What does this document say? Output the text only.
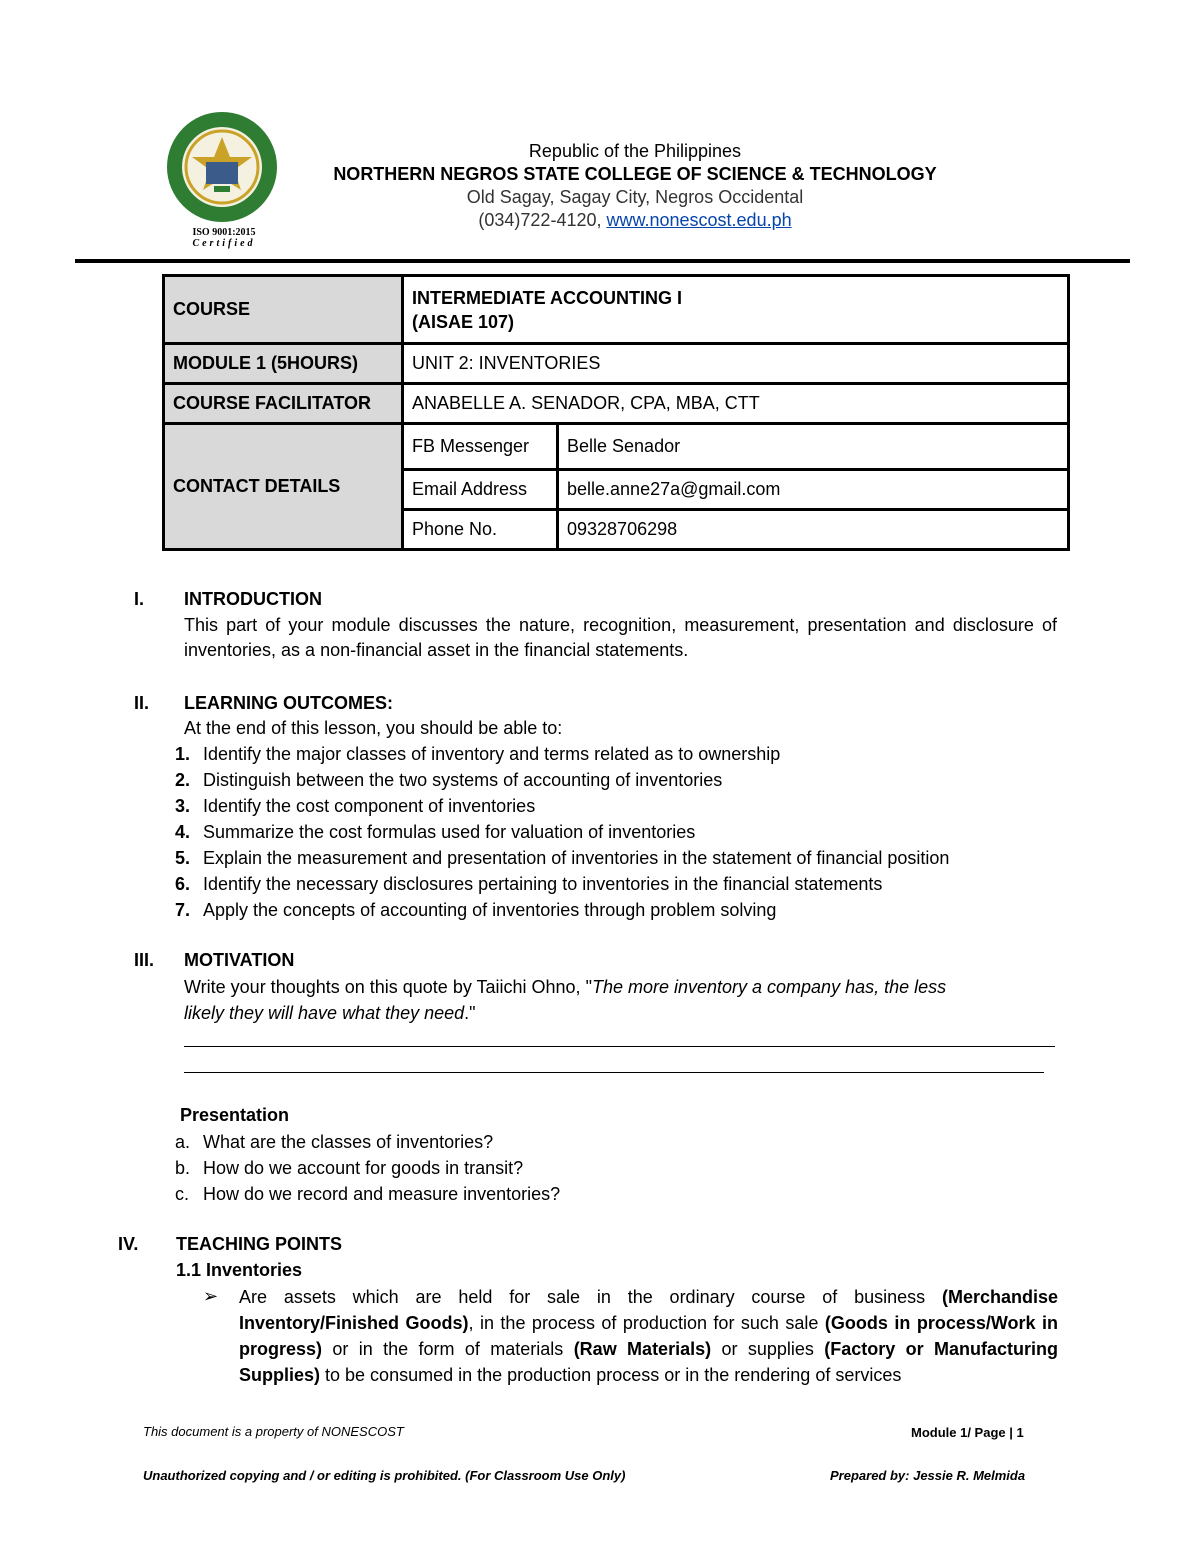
ISO 9001:2015
Certified
Republic of the Philippines
NORTHERN NEGROS STATE COLLEGE OF SCIENCE & TECHNOLOGY
Old Sagay, Sagay City, Negros Occidental
(034)722-4120, www.nonescost.edu.ph
COURSE	INTERMEDIATE ACCOUNTING I
(AISAE 107)	

MODULE 1 (5HOURS)	UNIT 2: INVENTORIES	
COURSE FACILITATOR	ANABELLE A. SENADOR, CPA, MBA, CTT	
CONTACT DETAILS	FB Messenger	Belle Senador
	Email Address	belle.anne27a@gmail.com
	Phone No.	09328706298
I. INTRODUCTION
This part of your module discusses the nature, recognition, measurement, presentation and disclosure of inventories, as a non-financial asset in the financial statements.
II. LEARNING OUTCOMES:
At the end of this lesson, you should be able to:
1. Identify the major classes of inventory and terms related as to ownership
2. Distinguish between the two systems of accounting of inventories
3. Identify the cost component of inventories
4. Summarize the cost formulas used for valuation of inventories
5. Explain the measurement and presentation of inventories in the statement of financial position
6. Identify the necessary disclosures pertaining to inventories in the financial statements
7. Apply the concepts of accounting of inventories through problem solving
III. MOTIVATION
Write your thoughts on this quote by Taiichi Ohno, "The more inventory a company has, the less
likely they will have what they need."
Presentation
a. What are the classes of inventories?
b. How do we account for goods in transit?
c. How do we record and measure inventories?
IV. TEACHING POINTS
1.1 Inventories
➢ Are assets which are held for sale in the ordinary course of business (Merchandise Inventory/Finished Goods), in the process of production for such sale (Goods in process/Work in progress) or in the form of materials (Raw Materials) or supplies (Factory or Manufacturing Supplies) to be consumed in the production process or in the rendering of services
This document is a property of NONESCOST	Module 1/ Page | 1
Unauthorized copying and / or editing is prohibited. (For Classroom Use Only)	Prepared by: Jessie R. Melmida
